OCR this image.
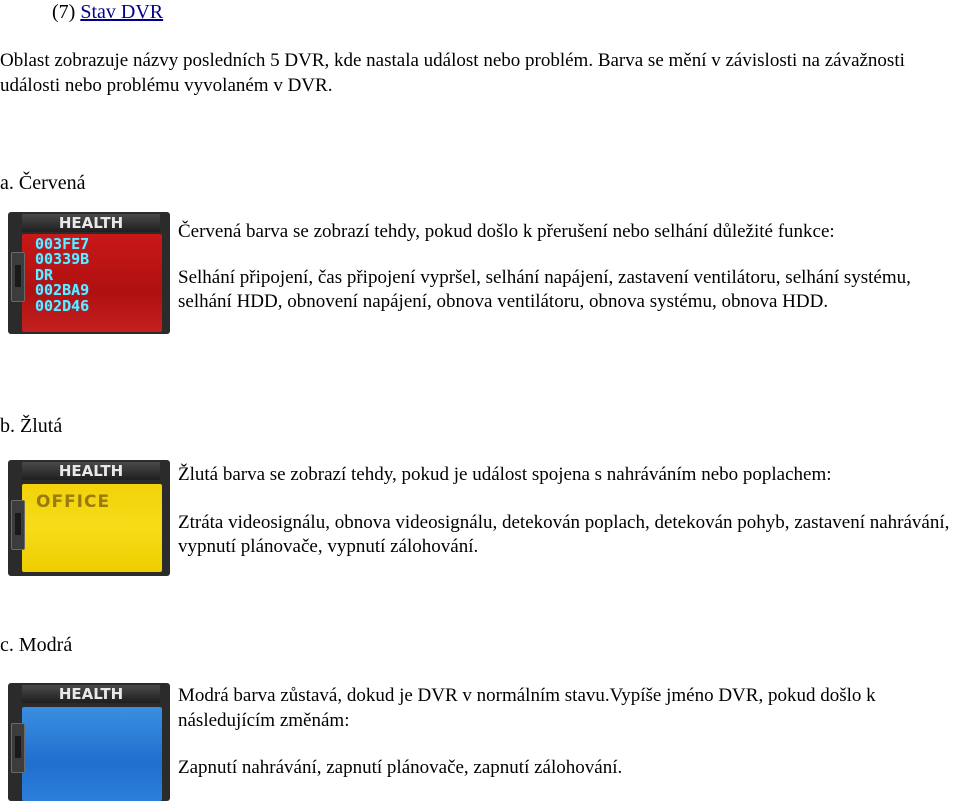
(7) Stav DVR
Oblast zobrazuje názvy posledních 5 DVR, kde nastala událost nebo problém. Barva se mění v závislosti na závažnosti události nebo problému vyvolaném v DVR.
a. Červená
HEALTH
003FE7
00339B
DR
002BA9
002D46
Červená barva se zobrazí tehdy, pokud došlo k přerušení nebo selhání důležité funkce:
Selhání připojení, čas připojení vypršel, selhání napájení, zastavení ventilátoru, selhání systému, selhání HDD, obnovení napájení, obnova ventilátoru, obnova systému, obnova HDD.
b. Žlutá
HEALTH
OFFICE
Žlutá barva se zobrazí tehdy, pokud je událost spojena s nahráváním nebo poplachem:
Ztráta videosignálu, obnova videosignálu, detekován poplach, detekován pohyb, zastavení nahrávání, vypnutí plánovače, vypnutí zálohování.
c. Modrá
HEALTH	Modrá barva zůstavá, dokud je DVR v normálním stavu.Vypíše jméno DVR, pokud došlo k následujícím změnám:
Zapnutí nahrávání, zapnutí plánovače, zapnutí zálohování.
